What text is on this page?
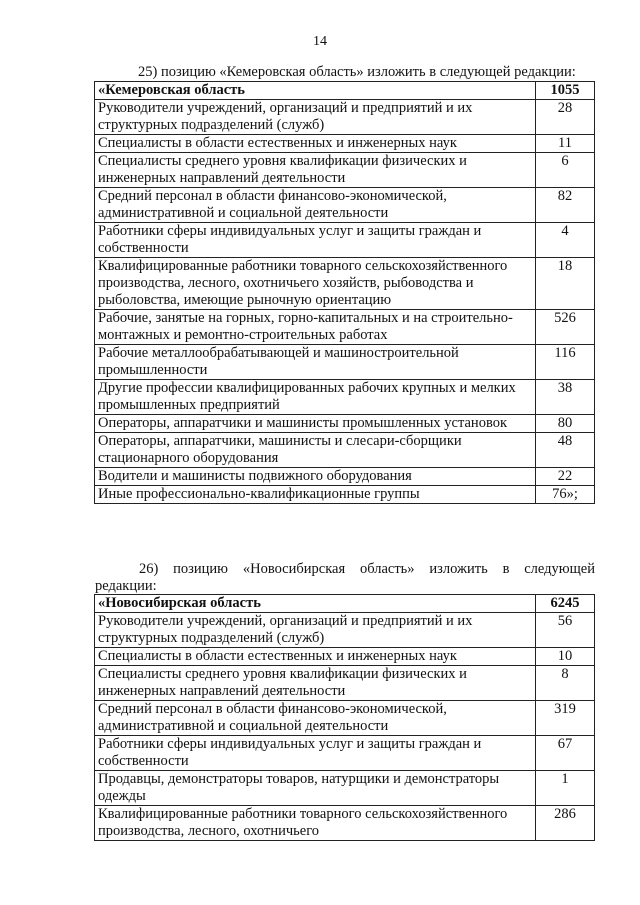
14
25) позицию «Кемеровская область» изложить в следующей редакции:
«Кемеровская область	1055
Руководители учреждений, организаций и предприятий и их структурных подразделений (служб)	28
Специалисты в области естественных и инженерных наук	11
Специалисты среднего уровня квалификации физических и инженерных направлений деятельности	6
Средний персонал в области финансово-экономической, административной и социальной деятельности	82
Работники сферы индивидуальных услуг и защиты граждан и собственности	4
Квалифицированные работники товарного сельскохозяйственного производства, лесного, охотничьего хозяйств, рыбоводства и рыболовства, имеющие рыночную ориентацию	18
Рабочие, занятые на горных, горно-капитальных и на строительно-монтажных и ремонтно-строительных работах	526
Рабочие металлообрабатывающей и машиностроительной промышленности	116
Другие профессии квалифицированных рабочих крупных и мелких промышленных предприятий	38
Операторы, аппаратчики и машинисты промышленных установок	80
Операторы, аппаратчики, машинисты и слесари-сборщики стационарного оборудования	48
Водители и машинисты подвижного оборудования	22
Иные профессионально-квалификационные группы	76»;
26) позицию «Новосибирская область» изложить в следующей
редакции:
«Новосибирская область	6245
Руководители учреждений, организаций и предприятий и их структурных подразделений (служб)	56
Специалисты в области естественных и инженерных наук	10
Специалисты среднего уровня квалификации физических и инженерных направлений деятельности	8
Средний персонал в области финансово-экономической, административной и социальной деятельности	319
Работники сферы индивидуальных услуг и защиты граждан и собственности	67
Продавцы, демонстраторы товаров, натурщики и демонстраторы одежды	1
Квалифицированные работники товарного сельскохозяйственного производства, лесного, охотничьего	286
